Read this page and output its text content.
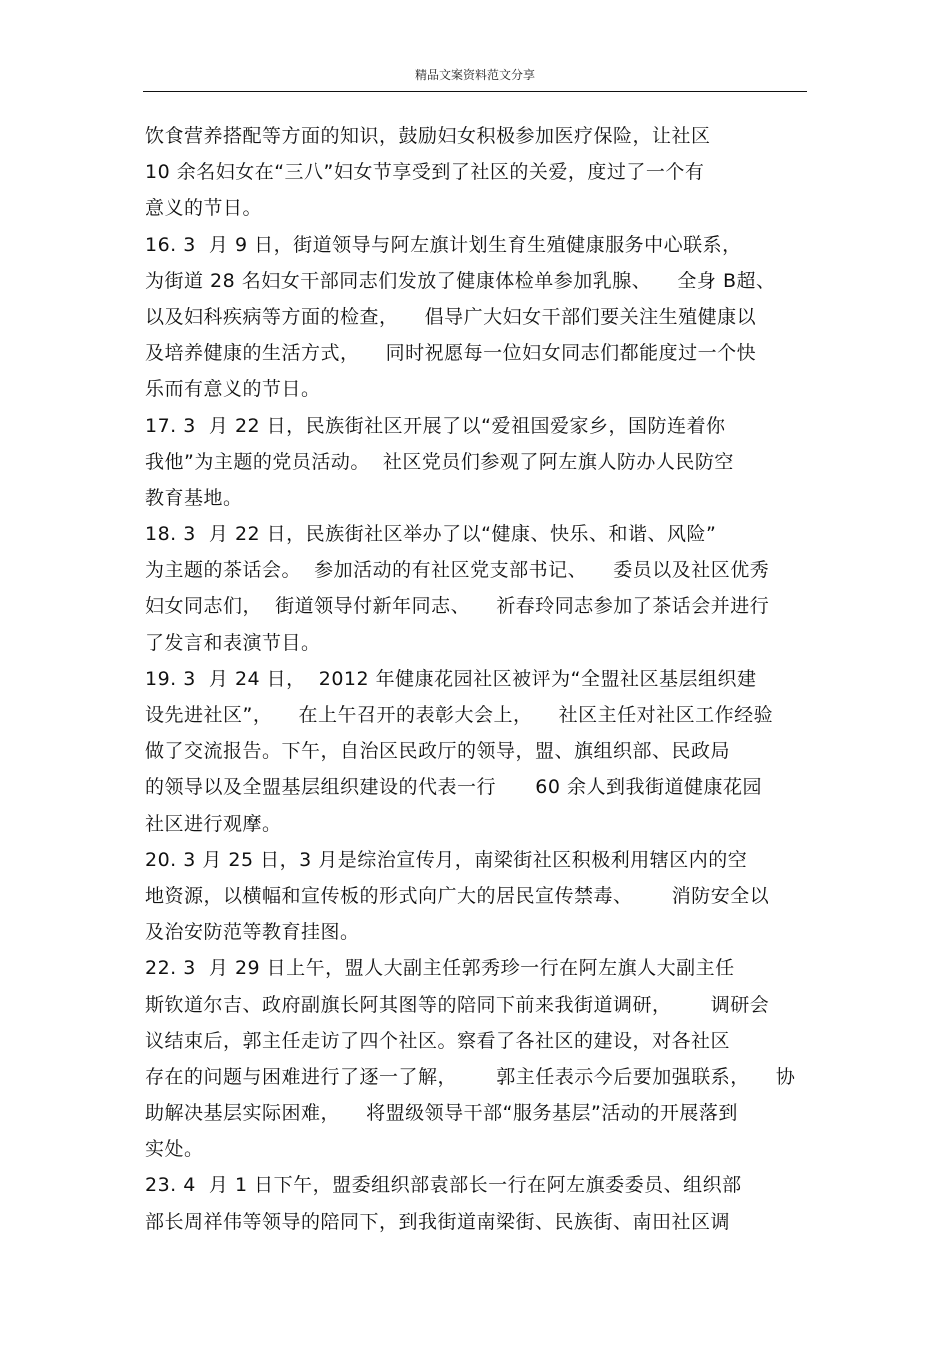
精品文案资料范文分享
饮食营养搭配等方面的知识，鼓励妇女积极参加医疗保险，让社区
10 余名妇女在“三八”妇女节享受到了社区的关爱，度过了一个有
意义的节日。
16. 3  月 9 日，街道领导与阿左旗计划生育生殖健康服务中心联系，
为街道 28 名妇女干部同志们发放了健康体检单参加乳腺、    全身 B超、
以及妇科疾病等方面的检查，    倡导广大妇女干部们要关注生殖健康以
及培养健康的生活方式，    同时祝愿每一位妇女同志们都能度过一个快
乐而有意义的节日。
17. 3  月 22 日，民族街社区开展了以“爱祖国爱家乡，国防连着你
我他”为主题的党员活动。  社区党员们参观了阿左旗人防办人民防空
教育基地。
18. 3  月 22 日，民族街社区举办了以“健康、快乐、和谐、风险”
为主题的茶话会。  参加活动的有社区党支部书记、    委员以及社区优秀
妇女同志们，  街道领导付新年同志、    祈春玲同志参加了茶话会并进行
了发言和表演节目。
19. 3  月 24 日，  2012 年健康花园社区被评为“全盟社区基层组织建
设先进社区”，    在上午召开的表彰大会上，    社区主任对社区工作经验
做了交流报告。下午，自治区民政厅的领导，盟、旗组织部、民政局
的领导以及全盟基层组织建设的代表一行      60 余人到我街道健康花园
社区进行观摩。
20. 3 月 25 日，3 月是综治宣传月，南梁街社区积极利用辖区内的空
地资源，以横幅和宣传板的形式向广大的居民宣传禁毒、      消防安全以
及治安防范等教育挂图。
22. 3  月 29 日上午，盟人大副主任郭秀珍一行在阿左旗人大副主任
斯钦道尔吉、政府副旗长阿其图等的陪同下前来我街道调研，      调研会
议结束后，郭主任走访了四个社区。察看了各社区的建设，对各社区
存在的问题与困难进行了逐一了解，      郭主任表示今后要加强联系，    协
助解决基层实际困难，    将盟级领导干部“服务基层”活动的开展落到
实处。
23. 4  月 1 日下午，盟委组织部袁部长一行在阿左旗委委员、组织部
部长周祥伟等领导的陪同下，到我街道南梁街、民族街、南田社区调
